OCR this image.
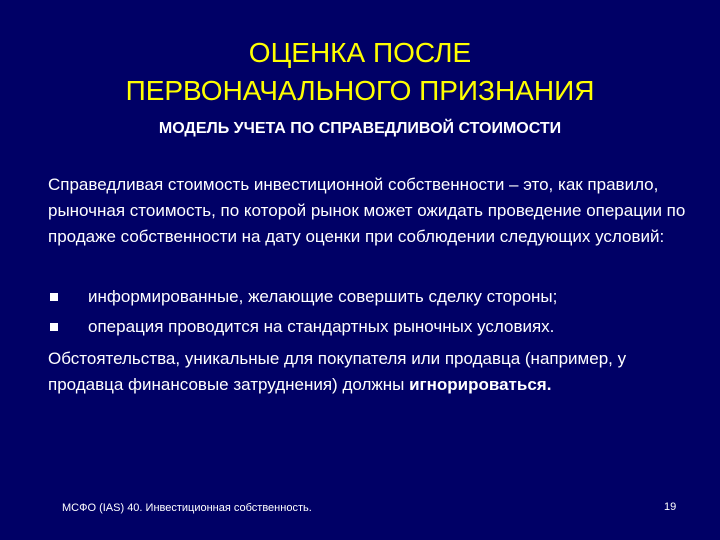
ОЦЕНКА ПОСЛЕ
ПЕРВОНАЧАЛЬНОГО ПРИЗНАНИЯ
МОДЕЛЬ УЧЕТА ПО СПРАВЕДЛИВОЙ СТОИМОСТИ
Справедливая стоимость инвестиционной собственности – это, как правило, рыночная стоимость, по которой рынок может ожидать проведение операции по продаже собственности на дату оценки при соблюдении следующих условий:
информированные, желающие совершить сделку стороны;
операция проводится на стандартных рыночных условиях.
Обстоятельства, уникальные для покупателя или продавца (например, у продавца финансовые затруднения) должны игнорироваться.
МСФО (IAS) 40. Инвестиционная собственность.	19
